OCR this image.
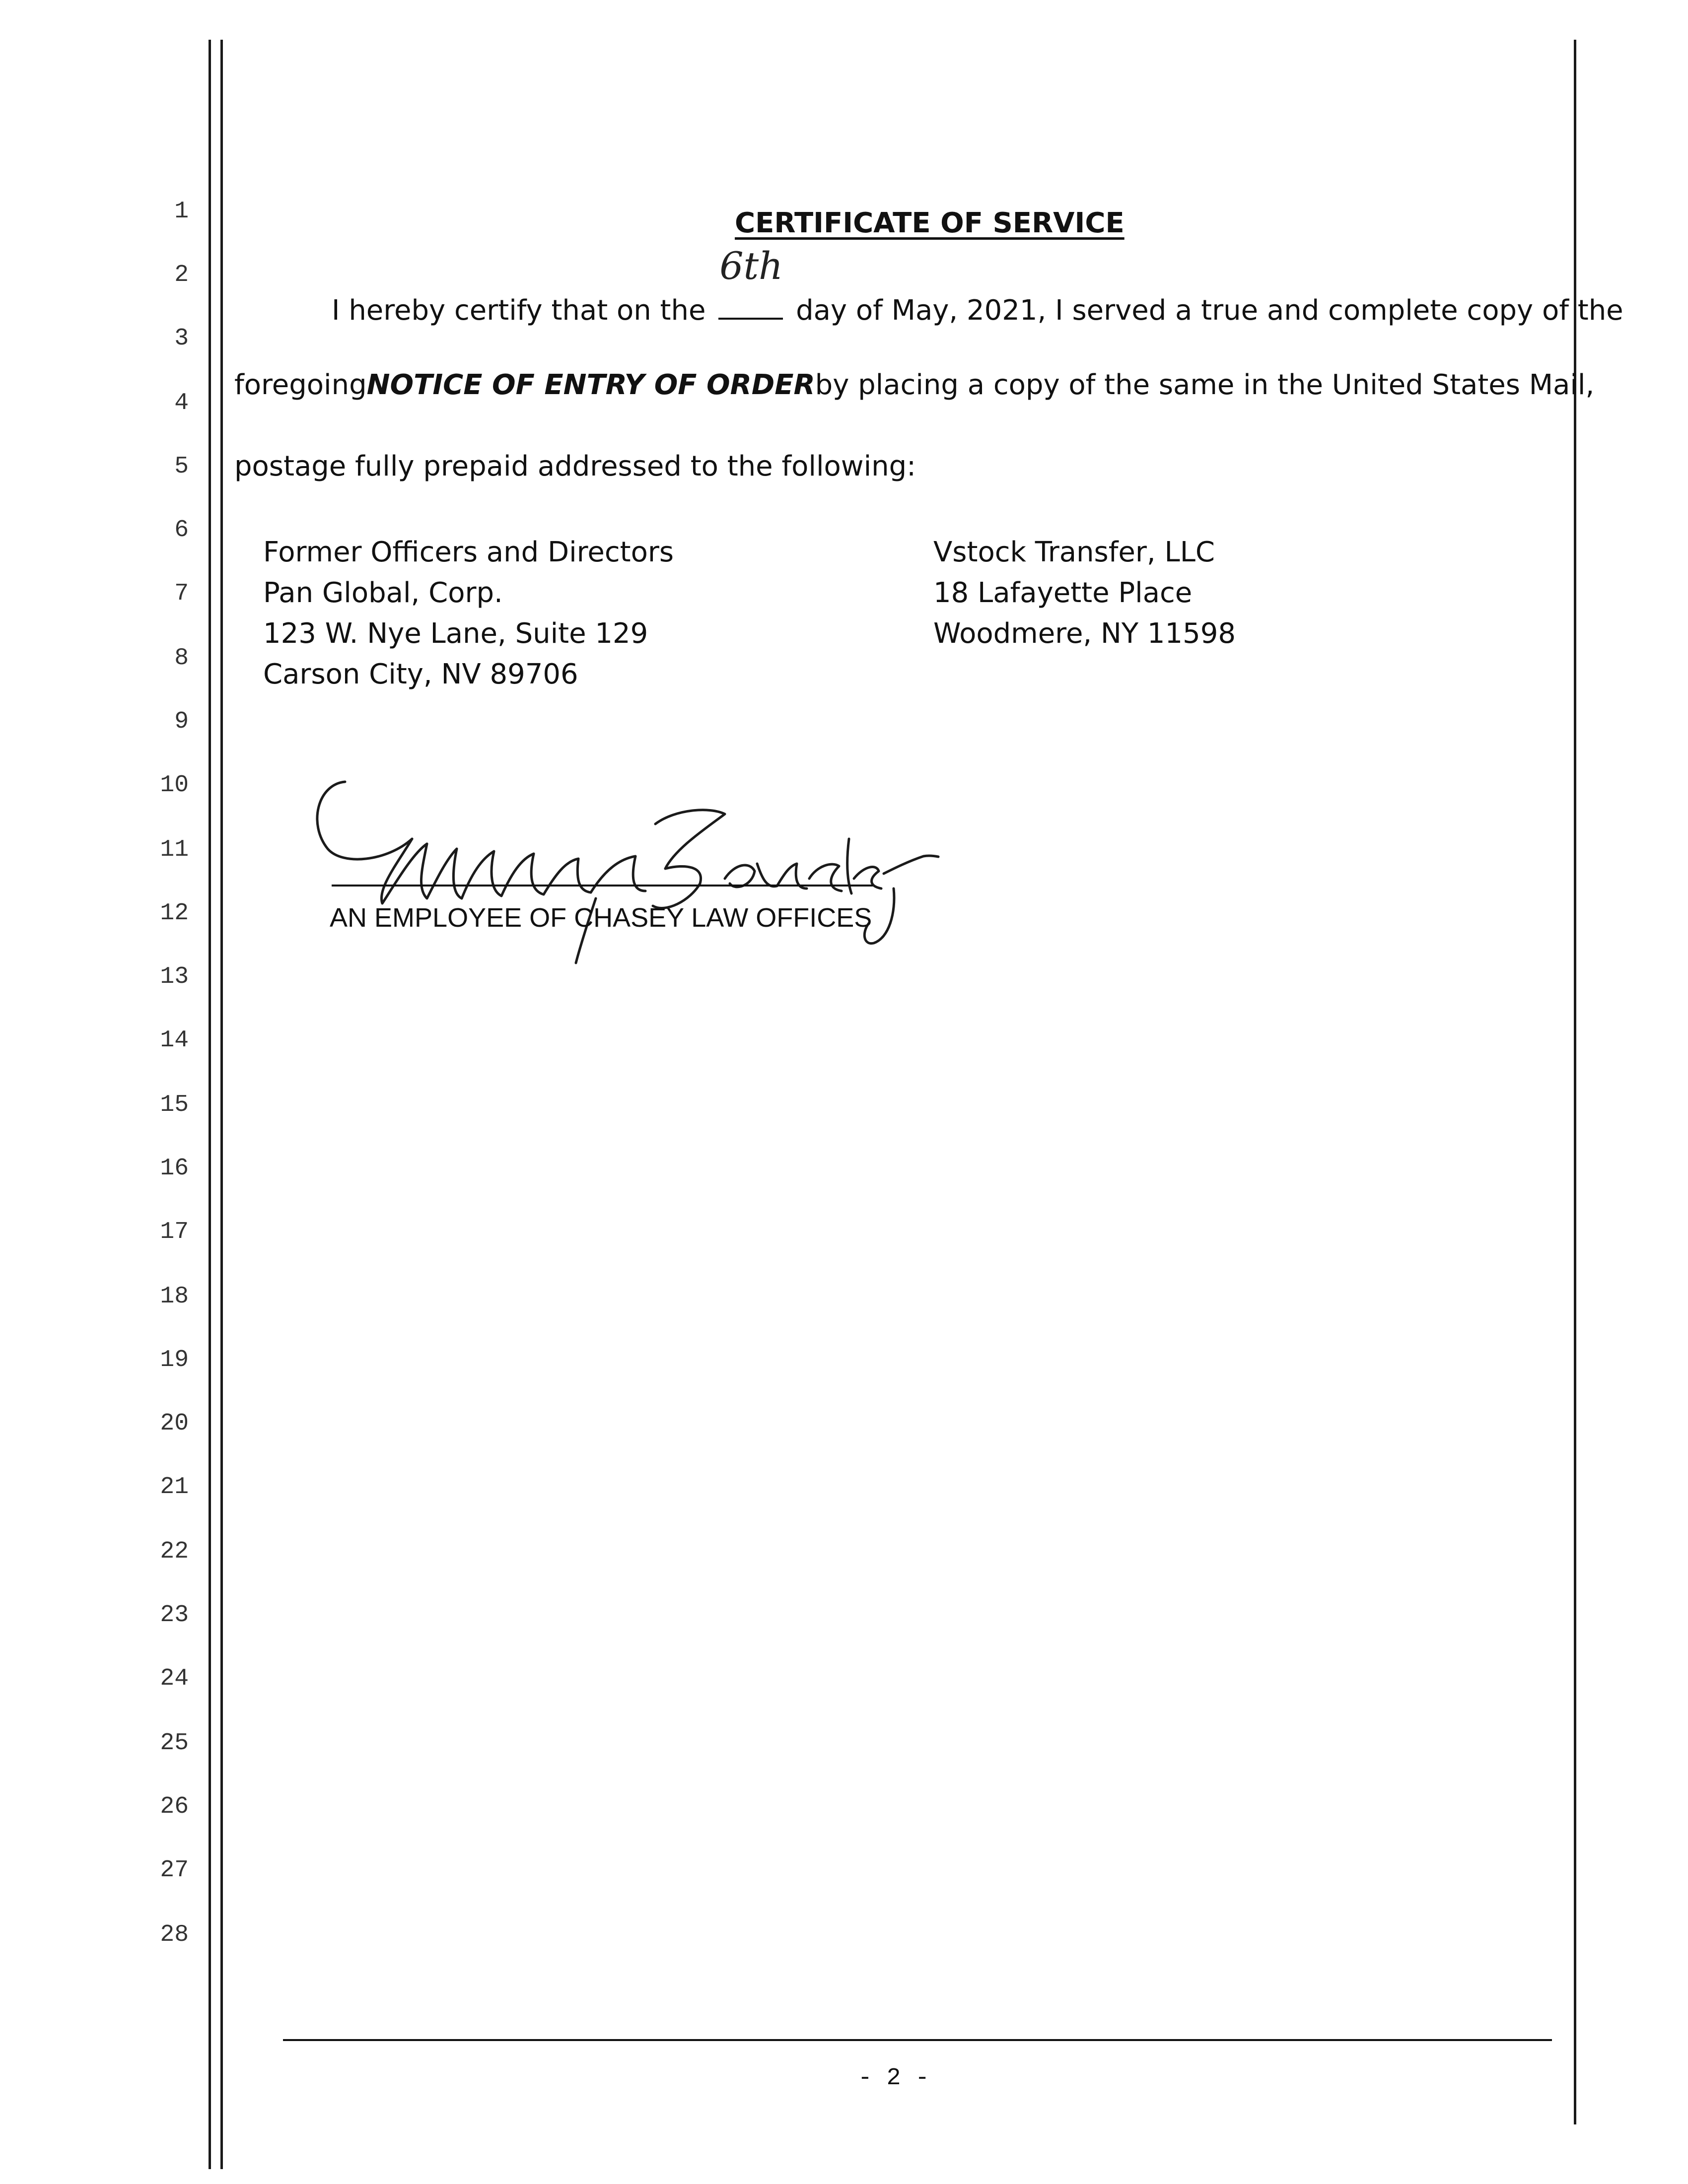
1
2
3
4
5
6
7
8
9
10
11
12
13
14
15
16
17
18
19
20
21
22
23
24
25
26
27
28
CERTIFICATE OF SERVICE
I hereby certify that on the
6th
day of May, 2021, I served a true and complete copy of the
foregoing NOTICE OF ENTRY OF ORDER by placing a copy of the same in the United States Mail,
postage fully prepaid addressed to the following:
Former Officers and Directors
Pan Global, Corp.
123 W. Nye Lane, Suite 129
Carson City, NV 89706
Vstock Transfer, LLC
18 Lafayette Place
Woodmere, NY 11598
AN EMPLOYEE OF CHASEY LAW OFFICES
- 2 -
